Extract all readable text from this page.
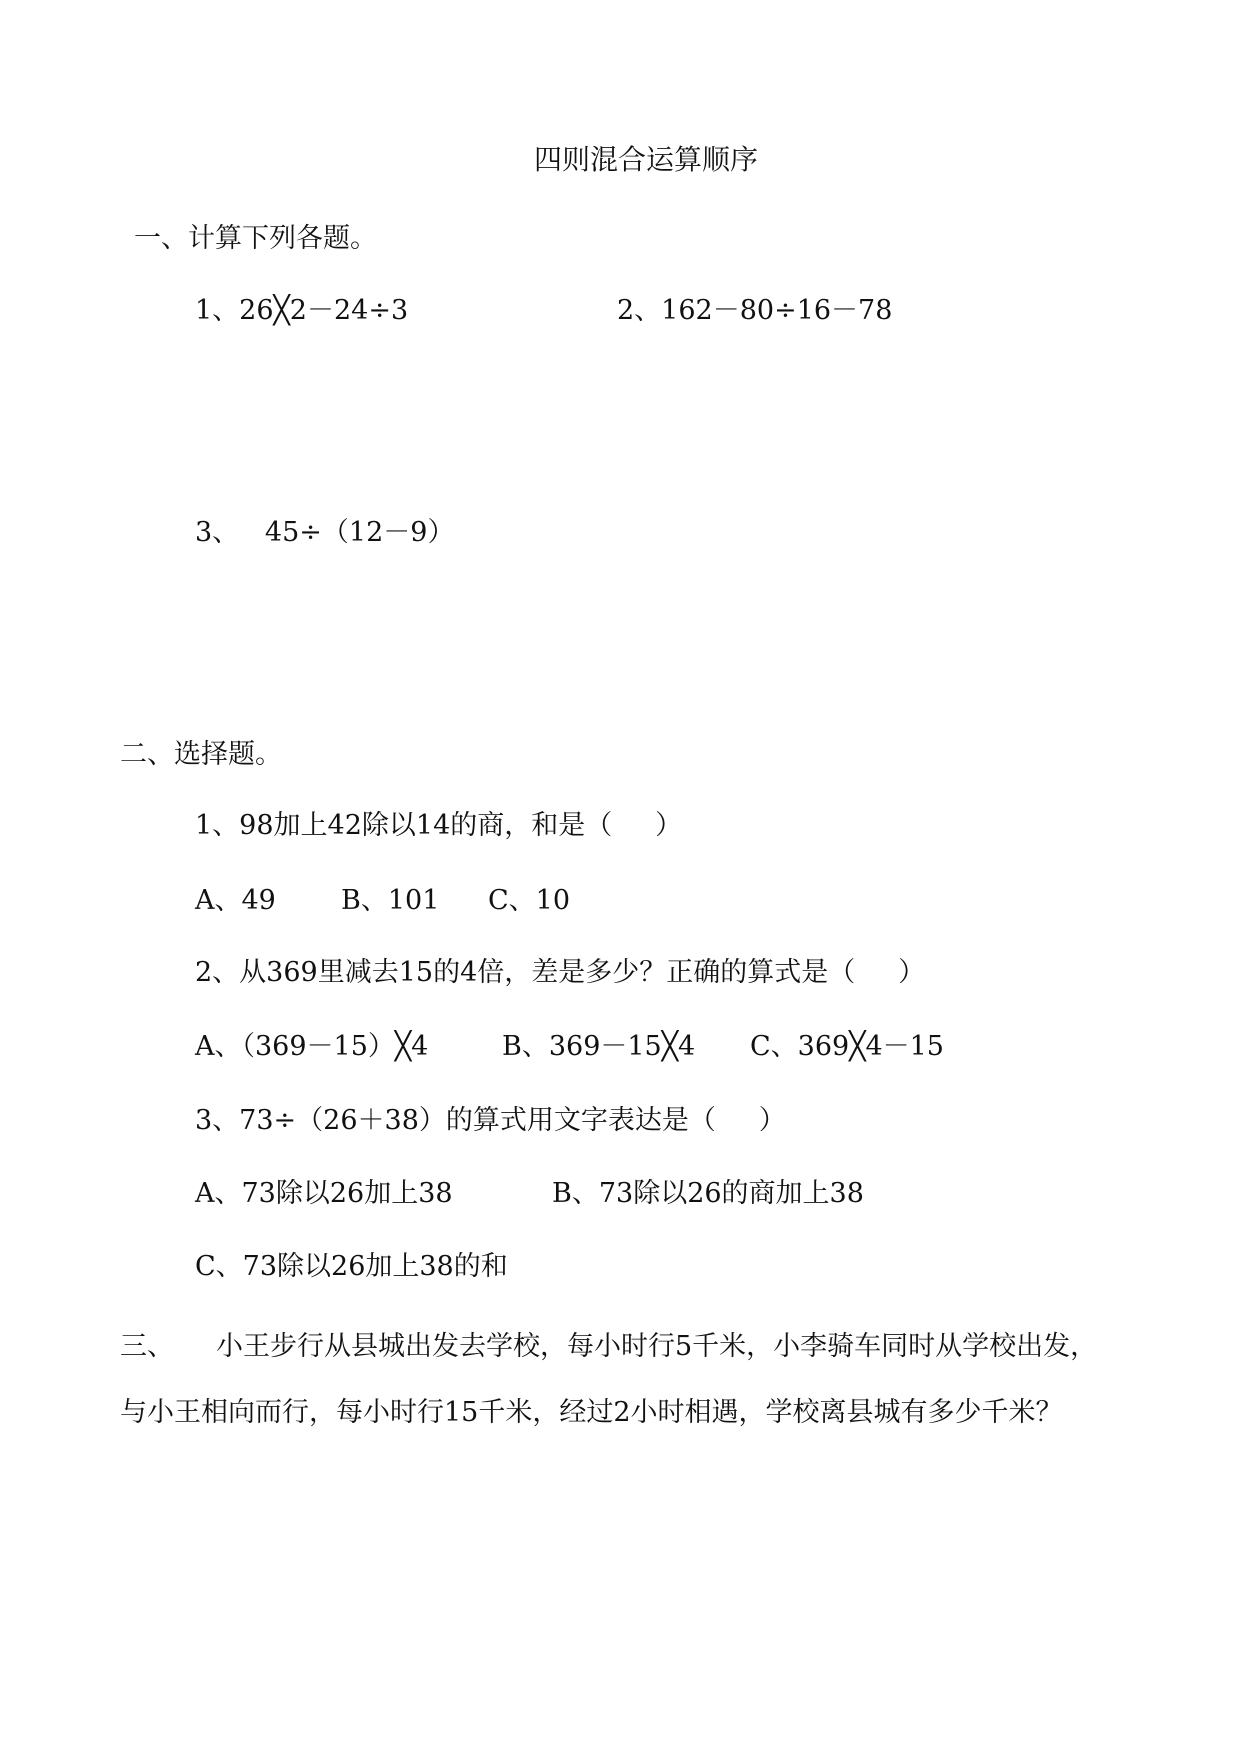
四则混合运算顺序
一、计算下列各题。
1、26╳2－24÷3	2、162－80÷16－78
3、   45÷（12－9）
二、选择题。
1、98加上42除以14的商，和是（     ）
A、49 B、101 C、10
2、从369里减去15的4倍，差是多少？正确的算式是（     ）
A、（369－15）╳4	B、369－15╳4 C、369╳4－15
3、73÷（26＋38）的算式用文字表达是（     ）
A、73除以26加上38	B、73除以26的商加上38
C、73除以26加上38的和
三、 小王步行从县城出发去学校，每小时行5千米，小李骑车同时从学校出发，与小王相向而行，每小时行15千米，经过2小时相遇，学校离县城有多少千米？
